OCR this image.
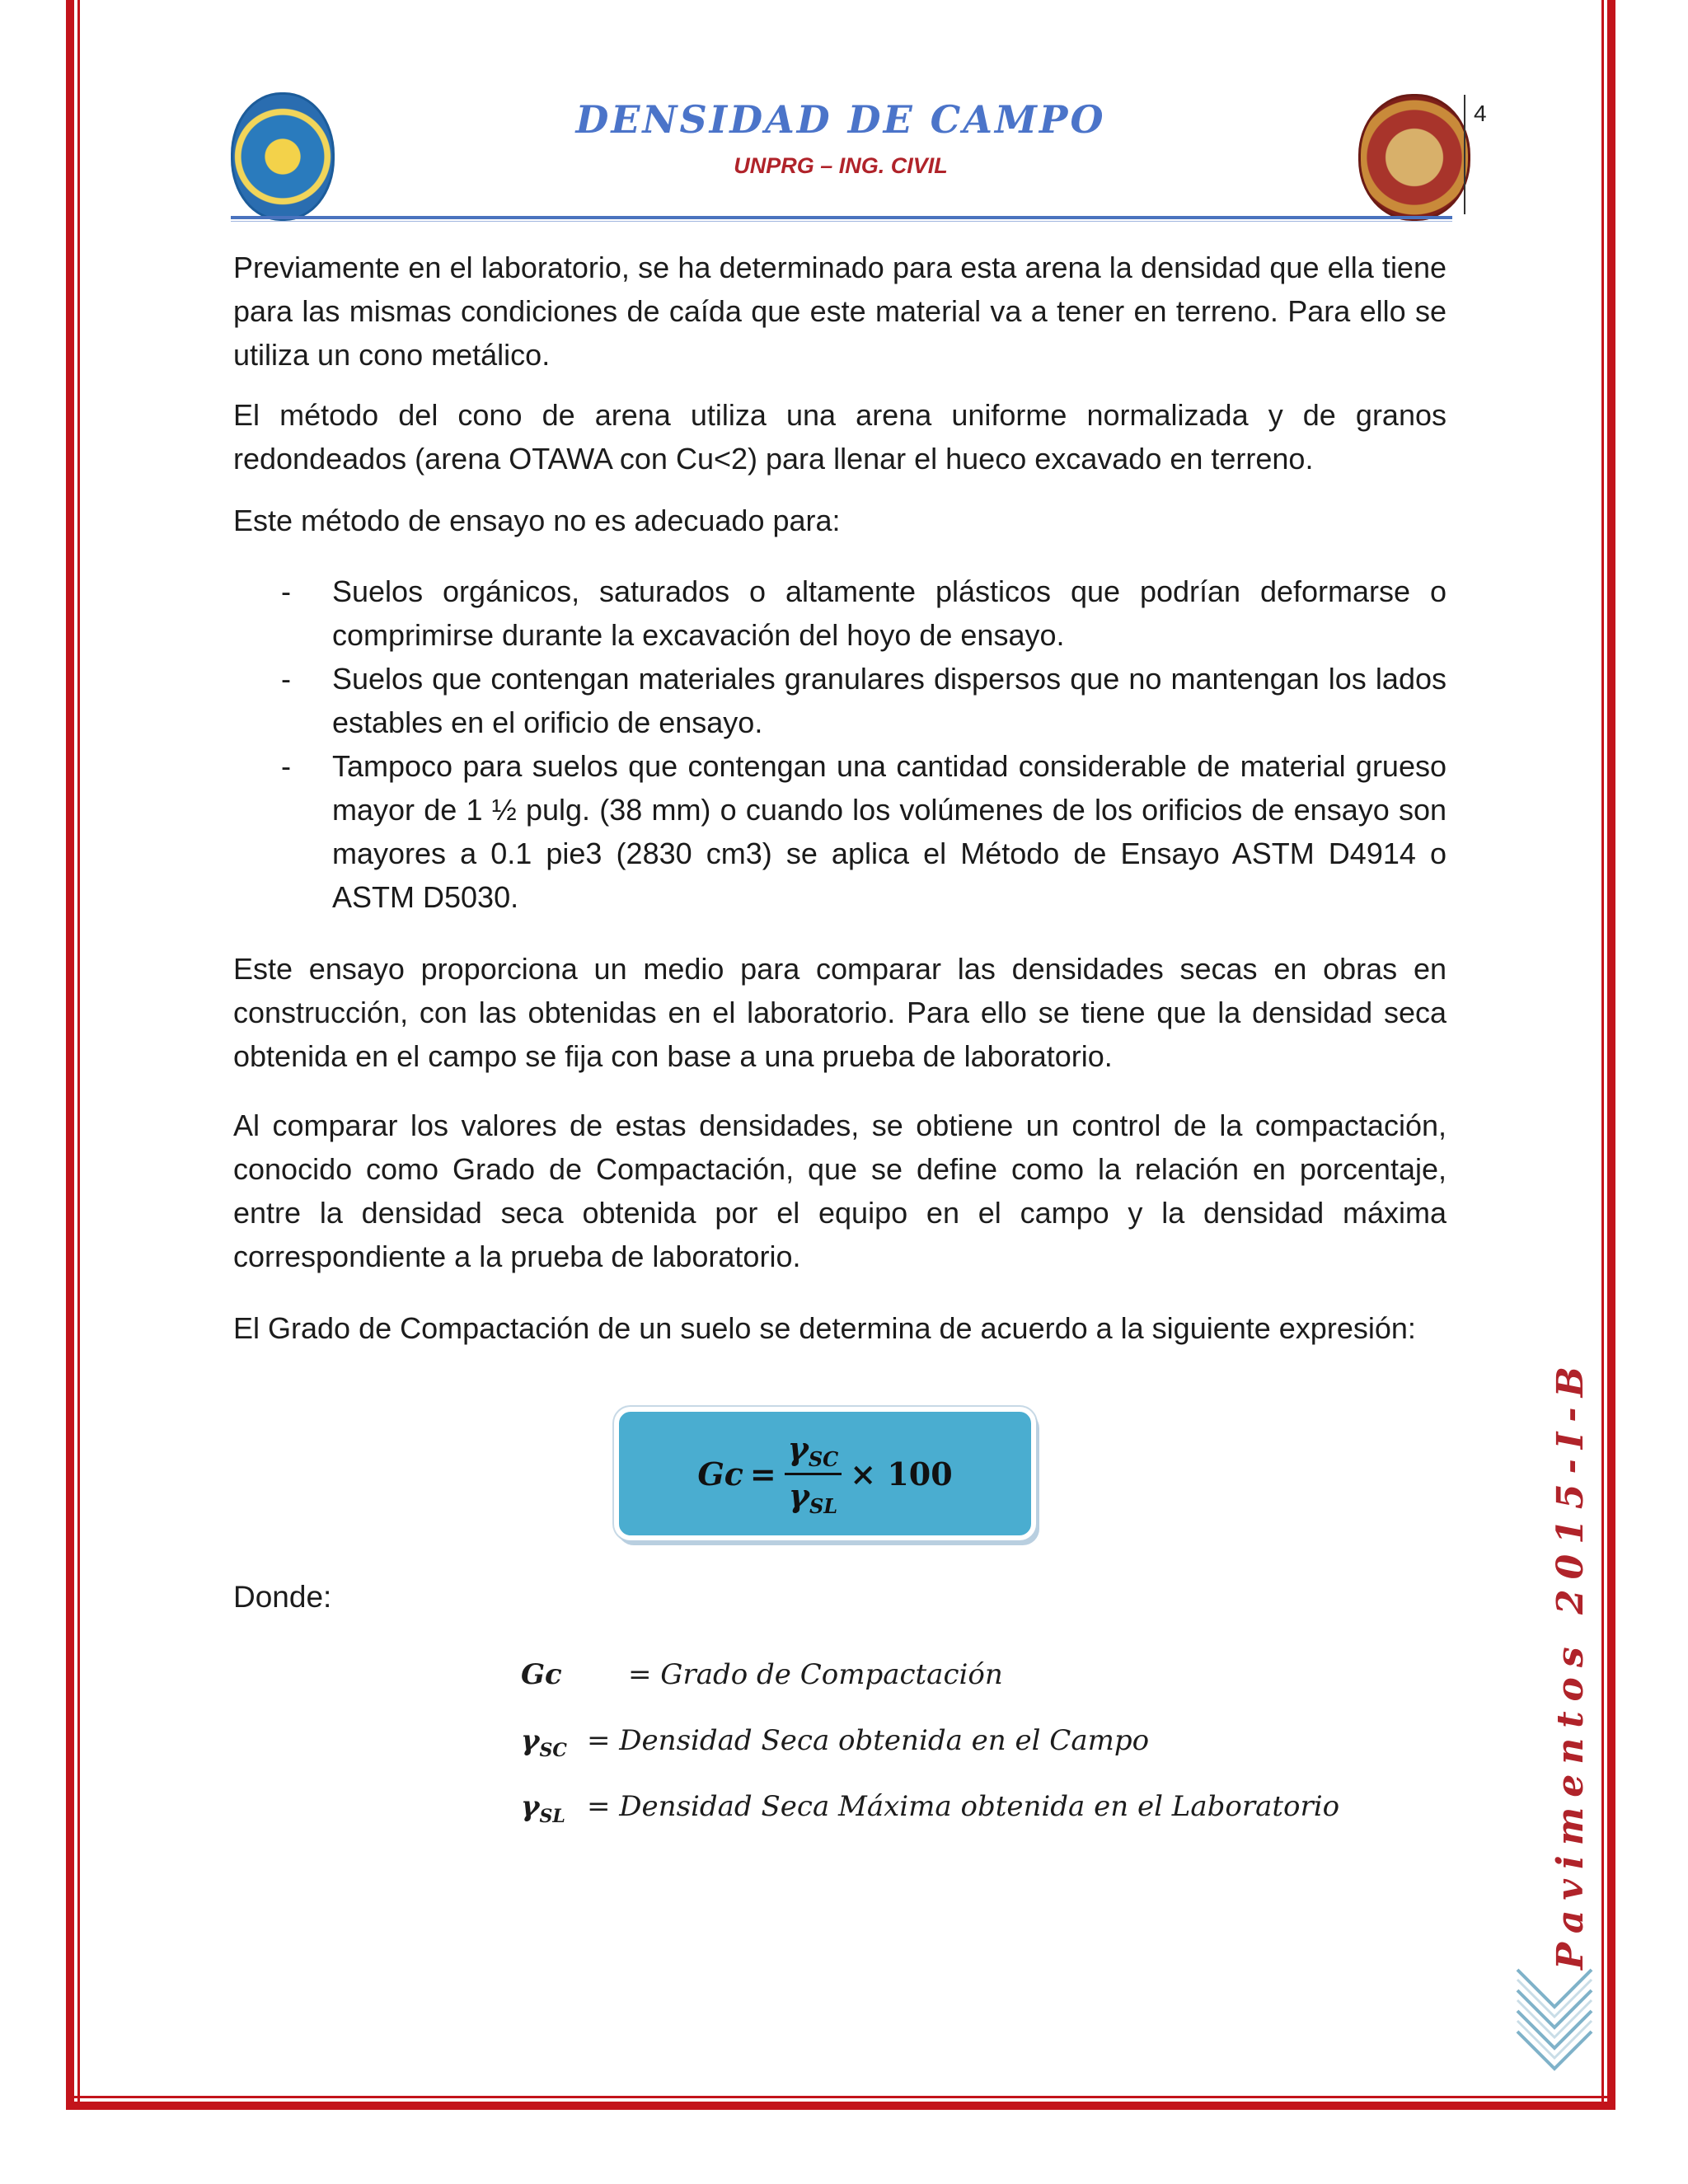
DENSIDAD DE CAMPO
UNPRG – ING. CIVIL
4
Previamente en el laboratorio, se ha determinado para esta arena la densidad que ella tiene para las mismas condiciones de caída que este material va a tener en terreno. Para ello se utiliza un cono metálico.
El método del cono de arena utiliza una arena uniforme normalizada y de granos redondeados (arena OTAWA con Cu<2) para llenar el hueco excavado en terreno.
Este método de ensayo no es adecuado para:
- Suelos orgánicos, saturados o altamente plásticos que podrían deformarse o comprimirse durante la excavación del hoyo de ensayo.
- Suelos que contengan materiales granulares dispersos que no mantengan los lados estables en el orificio de ensayo.
- Tampoco para suelos que contengan una cantidad considerable de material grueso mayor de 1 ½ pulg. (38 mm) o cuando los volúmenes de los orificios de ensayo son mayores a 0.1 pie3 (2830 cm3) se aplica el Método de Ensayo ASTM D4914 o ASTM D5030.
Este ensayo proporciona un medio para comparar las densidades secas en obras en construcción, con las obtenidas en el laboratorio. Para ello se tiene que la densidad seca obtenida en el campo se fija con base a una prueba de laboratorio.
Al comparar los valores de estas densidades, se obtiene un control de la compactación, conocido como Grado de Compactación, que se define como la relación en porcentaje, entre la densidad seca obtenida por el equipo en el campo y la densidad máxima correspondiente a la prueba de laboratorio.
El Grado de Compactación de un suelo se determina de acuerdo a la siguiente expresión:
$Gc = \frac{\gamma_{SC}}{\gamma_{SL}} \times 100$
Donde:
Gc = Grado de Compactación
$\gamma_{SC}$ = Densidad Seca obtenida en el Campo
$\gamma_{SL}$ = Densidad Seca Máxima obtenida en el Laboratorio	Pavimentos 2015-I-B
